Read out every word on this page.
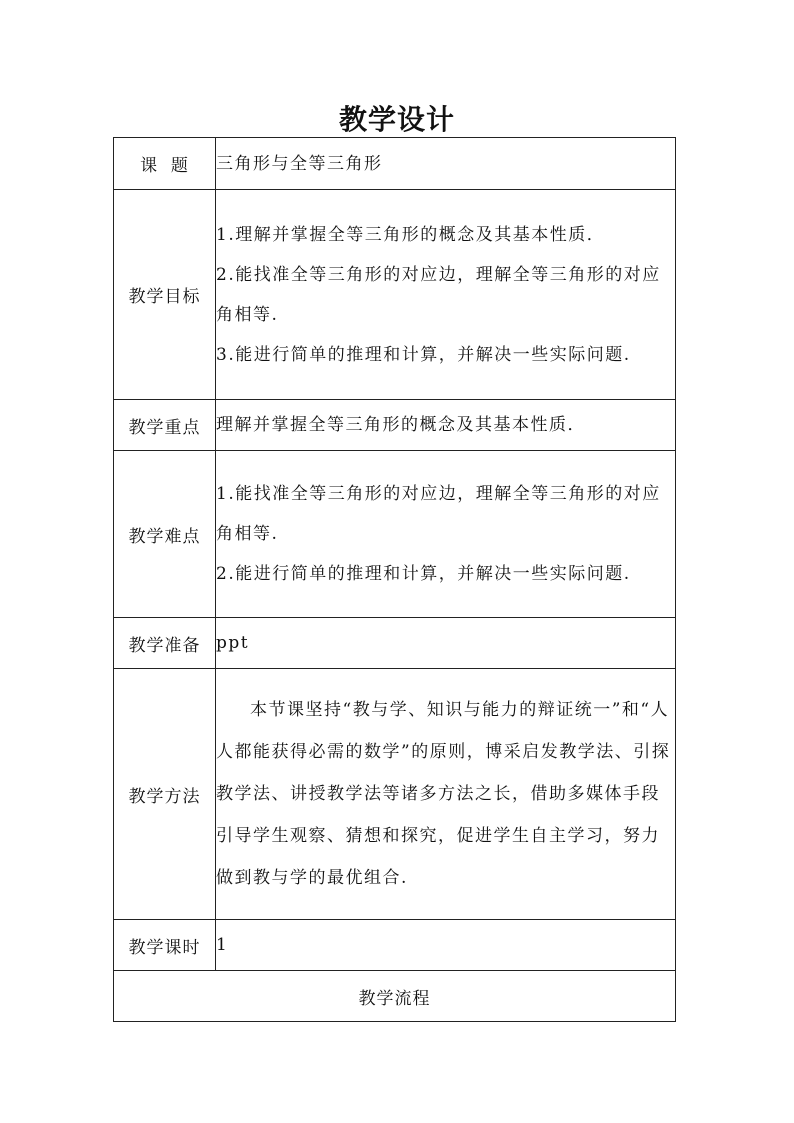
教学设计
课  题	三角形与全等三角形

教学目标	1.理解并掌握全等三角形的概念及其基本性质．

2.能找准全等三角形的对应边，理解全等三角形的对应角相等.

3.能进行简单的推理和计算，并解决一些实际问题.

教学重点	理解并掌握全等三角形的概念及其基本性质．

教学难点	1.能找准全等三角形的对应边，理解全等三角形的对应角相等.

2.能进行简单的推理和计算，并解决一些实际问题.

教学准备	ppt

教学方法	本节课坚持“教与学、知识与能力的辩证统一”和“人人都能获得必需的数学”的原则，博采启发教学法、引探教学法、讲授教学法等诸多方法之长，借助多媒体手段引导学生观察、猜想和探究，促进学生自主学习，努力做到教与学的最优组合.

教学课时	1

教学流程	
